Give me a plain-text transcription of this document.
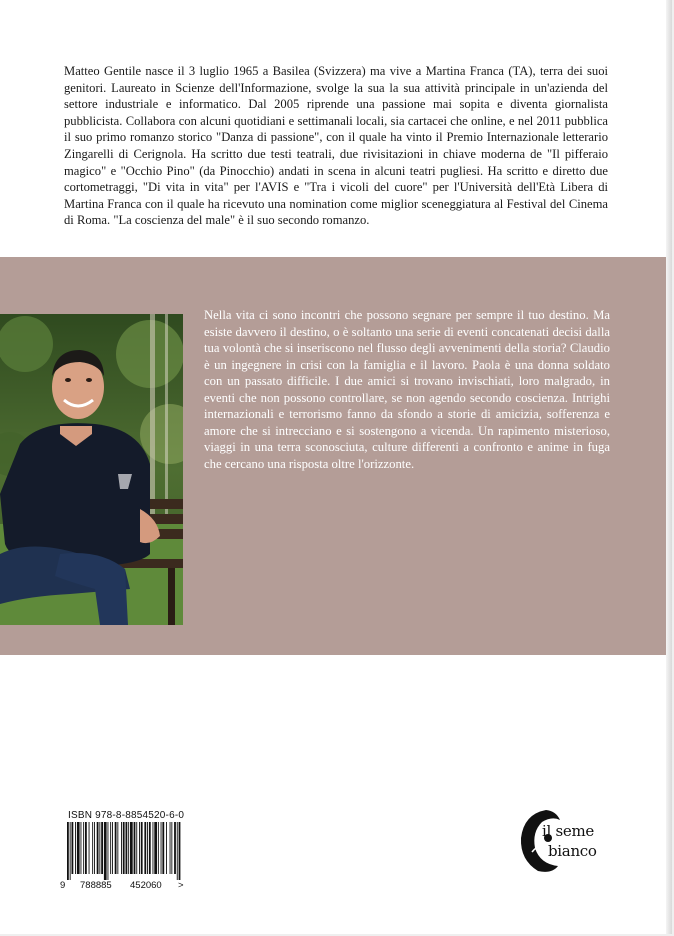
Matteo Gentile nasce il 3 luglio 1965 a Basilea (Svizzera) ma vive a Martina Franca (TA), terra dei suoi genitori. Laureato in Scienze dell'Informazione, svolge la sua la sua attività principale in un'azienda del settore industriale e informatico. Dal 2005 riprende una passione mai sopita e diventa giornalista pubblicista. Collabora con alcuni quotidiani e settimanali locali, sia cartacei che online, e nel 2011 pubblica il suo primo romanzo storico "Danza di passione", con il quale ha vinto il Premio Internazionale letterario Zingarelli di Cerignola. Ha scritto due testi teatrali, due rivisitazioni in chiave moderna de "Il pifferaio magico" e "Occhio Pino" (da Pinocchio) andati in scena in alcuni teatri pugliesi. Ha scritto e diretto due cortometraggi, "Di vita in vita" per l'AVIS e "Tra i vicoli del cuore" per l'Università dell'Età Libera di Martina Franca con il quale ha ricevuto una nomination come miglior sceneggiatura al Festival del Cinema di Roma. "La coscienza del male" è il suo secondo romanzo.

Nella vita ci sono incontri che possono segnare per sempre il tuo destino. Ma esiste davvero il destino, o è soltanto una serie di eventi concatenati decisi dalla tua volontà che si inseriscono nel flusso degli avvenimenti della storia? Claudio è un ingegnere in crisi con la famiglia e il lavoro. Paola è una donna soldato con un passato difficile. I due amici si trovano invischiati, loro malgrado, in eventi che non possono controllare, se non agendo secondo coscienza. Intrighi internazionali e terrorismo fanno da sfondo a storie di amicizia, sofferenza e amore che si intrecciano e si sostengono a vicenda. Un rapimento misterioso, viaggi in una terra sconosciuta, culture differenti a confronto e anime in fuga che cercano una risposta oltre l'orizzonte.

ISBN 978-8-8854520-6-0
9 788885 452060 >
il seme
bianco
